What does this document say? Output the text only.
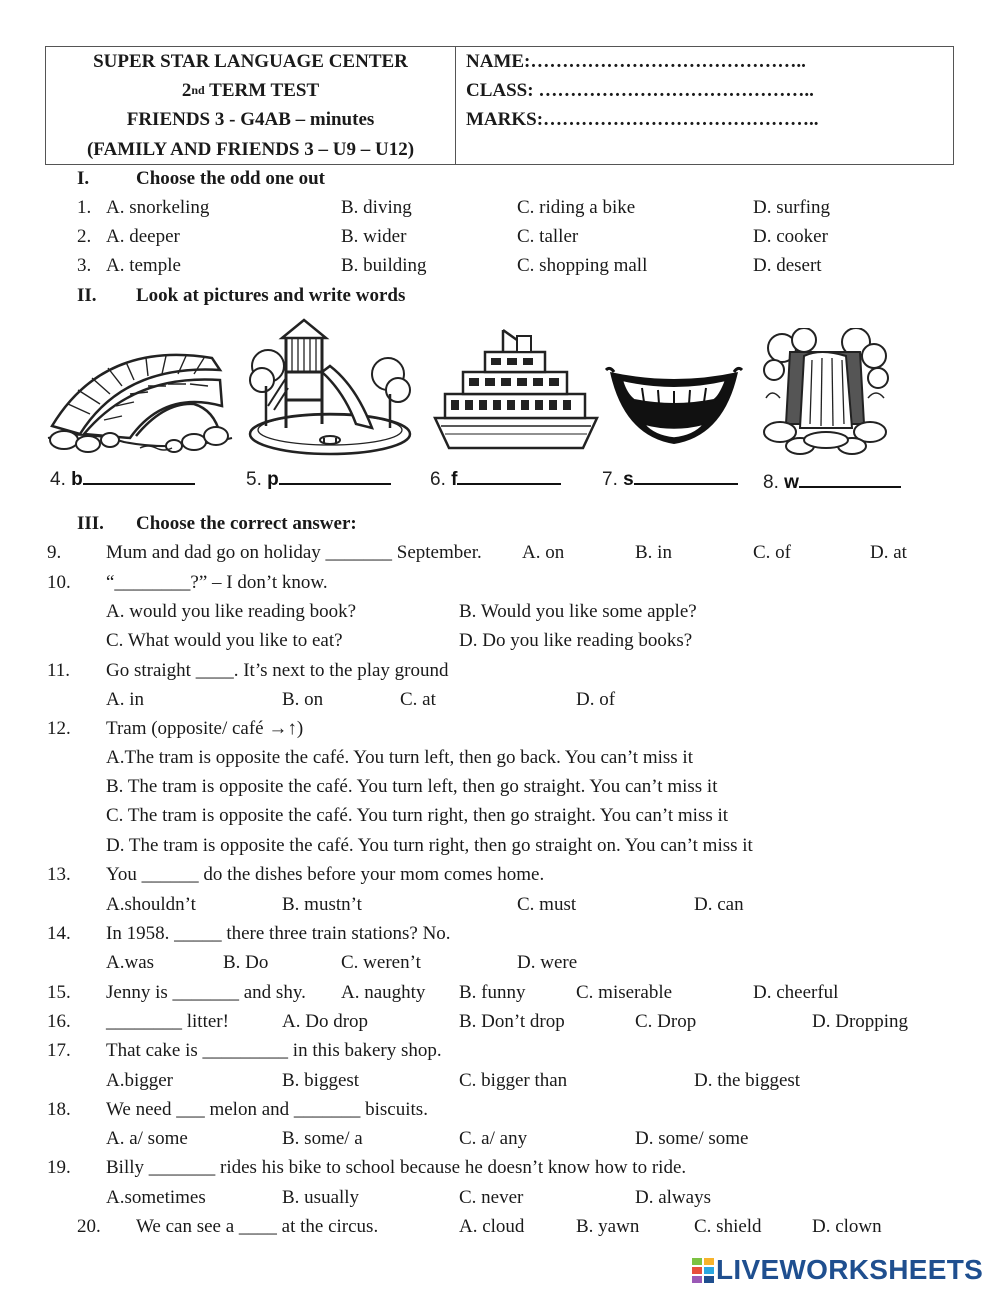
SUPER STAR LANGUAGE CENTER
2nd TERM TEST
FRIENDS 3 - G4AB – minutes
(FAMILY AND FRIENDS 3 – U9 – U12)

NAME:……………………………………..
CLASS: ……………………………………..
MARKS:……………………………………..
I. Choose the odd one out
1. A. snorkeling	B. diving	C. riding a bike	D. surfing
2. A. deeper	B. wider	C. taller	D. cooker
3. A. temple	B. building	C. shopping mall	D. desert
II. Look at pictures and write words
4. b	5. p	6. f	7. s	8. w
III. Choose the correct answer:
9. Mum and dad go on holiday _______ September. A. on	B. in	C. of	D. at
10. “________?” – I don’t know.
A. would you like reading book?	B. Would you like some apple?
C. What would you like to eat?	D. Do you like reading books?
11. Go straight ____. It’s next to the play ground
A. in	B. on	C. at	D. of
12. Tram (opposite/ café →↑)
A.The tram is opposite the café. You turn left, then go back. You can’t miss it
B. The tram is opposite the café. You turn left, then go straight. You can’t miss it
C. The tram is opposite the café. You turn right, then go straight. You can’t miss it
D. The tram is opposite the café. You turn right, then go straight on. You can’t miss it
13. You ______ do the dishes before your mom comes home.
A.shouldn’t	B. mustn’t	C. must	D. can
14. In 1958. _____ there three train stations? No.
A.was	B. Do	C. weren’t	D. were
15. Jenny is _______ and shy. A. naughty B. funny	C. miserable	D. cheerful
16. ________ litter!	A. Do drop	B. Don’t drop	C. Drop	D. Dropping
17. That cake is _________ in this bakery shop.
A.bigger	B. biggest	C. bigger than	D. the biggest
18. We need ___ melon and _______ biscuits.
A. a/ some	B. some/ a	C. a/ any	D. some/ some
19. Billy _______ rides his bike to school because he doesn’t know how to ride.
A.sometimes	B. usually	C. never	D. always
20. We can see a ____ at the circus.	A. cloud	B. yawn	C. shield	D. clown
LIVEWORKSHEETS
